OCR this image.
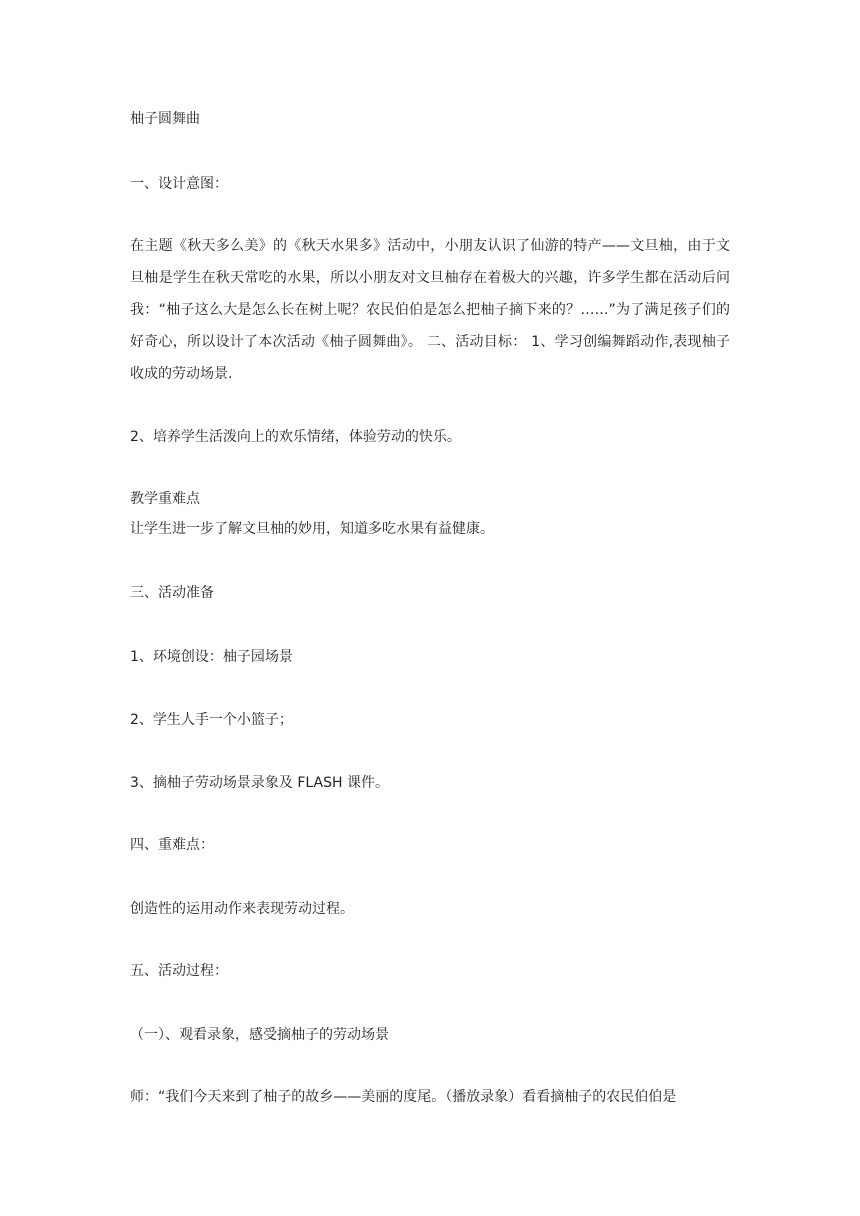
柚子圆舞曲

一、设计意图：

在主题《秋天多么美》的《秋天水果多》活动中，小朋友认识了仙游的特产——文旦柚，由于文旦柚是学生在秋天常吃的水果，所以小朋友对文旦柚存在着极大的兴趣，许多学生都在活动后问我：“柚子这么大是怎么长在树上呢？农民伯伯是怎么把柚子摘下来的？……”为了满足孩子们的好奇心，所以设计了本次活动《柚子圆舞曲》。 二、活动目标： 1、学习创编舞蹈动作,表现柚子收成的劳动场景.

2、培养学生活泼向上的欢乐情绪，体验劳动的快乐。

教学重难点

让学生进一步了解文旦柚的妙用，知道多吃水果有益健康。

三、活动准备

1、环境创设：柚子园场景

2、学生人手一个小篮子；

3、摘柚子劳动场景录象及 FLASH 课件。

四、重难点：

创造性的运用动作来表现劳动过程。

五、活动过程：

（一）、观看录象，感受摘柚子的劳动场景

师：“我们今天来到了柚子的故乡——美丽的度尾。（播放录象）看看摘柚子的农民伯伯是
